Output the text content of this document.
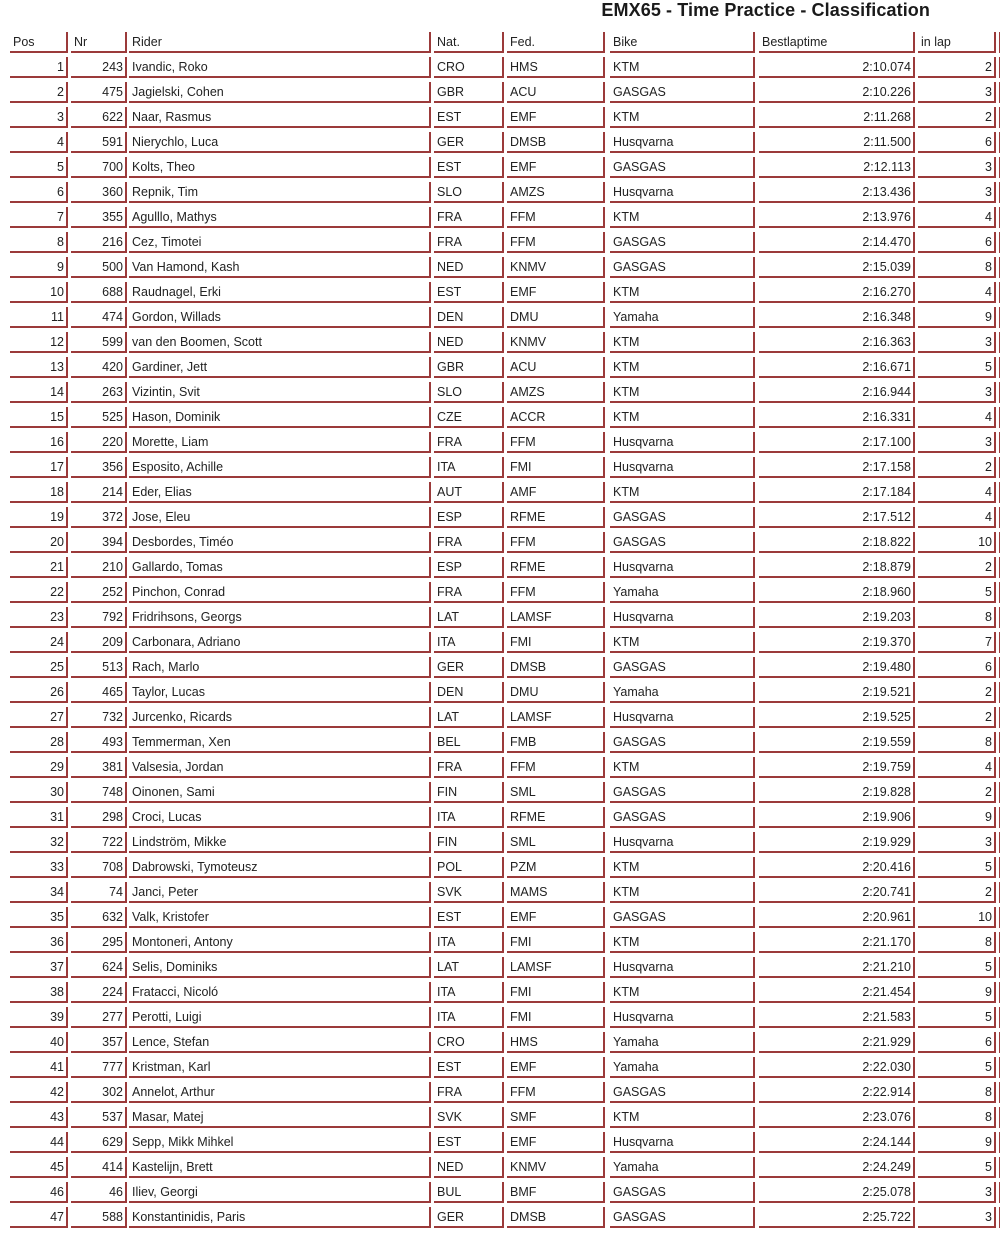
EMX65 - Time Practice - Classification
Pos	Nr	Rider	Nat.	Fed.	Bike	Bestlaptime	in lap
1	243 Ivandic, Roko	CRO	HMS	KTM	2:10.074	2
2	475 Jagielski, Cohen	GBR	ACU	GASGAS	2:10.226	3
3	622 Naar, Rasmus	EST	EMF	KTM	2:11.268	2
4	591 Nierychlo, Luca	GER	DMSB	Husqvarna	2:11.500	6
5	700 Kolts, Theo	EST	EMF	GASGAS	2:12.113	3
6	360 Repnik, Tim	SLO	AMZS	Husqvarna	2:13.436	3
7	355 Agulllo, Mathys	FRA	FFM	KTM	2:13.976	4
8	216 Cez, Timotei	FRA	FFM	GASGAS	2:14.470	6
9	500 Van Hamond, Kash	NED	KNMV	GASGAS	2:15.039	8
10	688 Raudnagel, Erki	EST	EMF	KTM	2:16.270	4
11	474 Gordon, Willads	DEN	DMU	Yamaha	2:16.348	9
12	599 van den Boomen, Scott	NED	KNMV	KTM	2:16.363	3
13	420 Gardiner, Jett	GBR	ACU	KTM	2:16.671	5
14	263 Vizintin, Svit	SLO	AMZS	KTM	2:16.944	3
15	525 Hason, Dominik	CZE	ACCR	KTM	2:16.331	4
16	220 Morette, Liam	FRA	FFM	Husqvarna	2:17.100	3
17	356 Esposito, Achille	ITA	FMI	Husqvarna	2:17.158	2
18	214 Eder, Elias	AUT	AMF	KTM	2:17.184	4
19	372 Jose, Eleu	ESP	RFME	GASGAS	2:17.512	4
20	394 Desbordes, Timéo	FRA	FFM	GASGAS	2:18.822	10
21	210 Gallardo, Tomas	ESP	RFME	Husqvarna	2:18.879	2
22	252 Pinchon, Conrad	FRA	FFM	Yamaha	2:18.960	5
23	792 Fridrihsons, Georgs	LAT	LAMSF	Husqvarna	2:19.203	8
24	209 Carbonara, Adriano	ITA	FMI	KTM	2:19.370	7
25	513 Rach, Marlo	GER	DMSB	GASGAS	2:19.480	6
26	465 Taylor, Lucas	DEN	DMU	Yamaha	2:19.521	2
27	732 Jurcenko, Ricards	LAT	LAMSF	Husqvarna	2:19.525	2
28	493 Temmerman, Xen	BEL	FMB	GASGAS	2:19.559	8
29	381 Valsesia, Jordan	FRA	FFM	KTM	2:19.759	4
30	748 Oinonen, Sami	FIN	SML	GASGAS	2:19.828	2
31	298 Croci, Lucas	ITA	RFME	GASGAS	2:19.906	9
32	722 Lindström, Mikke	FIN	SML	Husqvarna	2:19.929	3
33	708 Dabrowski, Tymoteusz	POL	PZM	KTM	2:20.416	5
34	74 Janci, Peter	SVK	MAMS	KTM	2:20.741	2
35	632 Valk, Kristofer	EST	EMF	GASGAS	2:20.961	10
36	295 Montoneri, Antony	ITA	FMI	KTM	2:21.170	8
37	624 Selis, Dominiks	LAT	LAMSF	Husqvarna	2:21.210	5
38	224 Fratacci, Nicoló	ITA	FMI	KTM	2:21.454	9
39	277 Perotti, Luigi	ITA	FMI	Husqvarna	2:21.583	5
40	357 Lence, Stefan	CRO	HMS	Yamaha	2:21.929	6
41	777 Kristman, Karl	EST	EMF	Yamaha	2:22.030	5
42	302 Annelot, Arthur	FRA	FFM	GASGAS	2:22.914	8
43	537 Masar, Matej	SVK	SMF	KTM	2:23.076	8
44	629 Sepp, Mikk Mihkel	EST	EMF	Husqvarna	2:24.144	9
45	414 Kastelijn, Brett	NED	KNMV	Yamaha	2:24.249	5
46	46 Iliev, Georgi	BUL	BMF	GASGAS	2:25.078	3
47	588 Konstantinidis, Paris	GER	DMSB	GASGAS	2:25.722	3
